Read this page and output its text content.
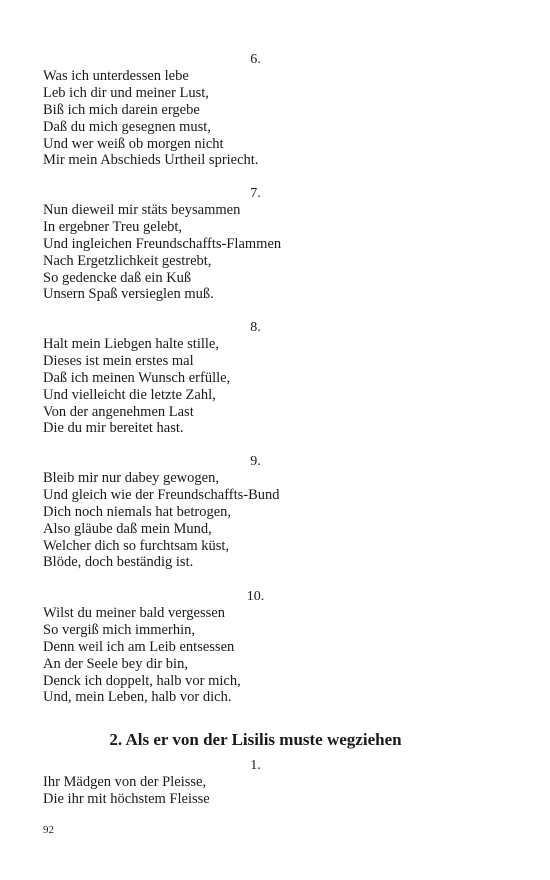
6.
Was ich unterdessen lebe
Leb ich dir und meiner Lust,
Biß ich mich darein ergebe
Daß du mich gesegnen must,
Und wer weiß ob morgen nicht
Mir mein Abschieds Urtheil spriecht.
7.
Nun dieweil mir stäts beysammen
In ergebner Treu gelebt,
Und ingleichen Freundschaffts-Flammen
Nach Ergetzlichkeit gestrebt,
So gedencke daß ein Kuß
Unsern Spaß versieglen muß.
8.
Halt mein Liebgen halte stille,
Dieses ist mein erstes mal
Daß ich meinen Wunsch erfülle,
Und vielleicht die letzte Zahl,
Von der angenehmen Last
Die du mir bereitet hast.
9.
Bleib mir nur dabey gewogen,
Und gleich wie der Freundschaffts-Bund
Dich noch niemals hat betrogen,
Also gläube daß mein Mund,
Welcher dich so furchtsam küst,
Blöde, doch beständig ist.
10.
Wilst du meiner bald vergessen
So vergiß mich immerhin,
Denn weil ich am Leib entsessen
An der Seele bey dir bin,
Denck ich doppelt, halb vor mich,
Und, mein Leben, halb vor dich.
2. Als er von der Lisilis muste wegziehen
1.
Ihr Mädgen von der Pleisse,
Die ihr mit höchstem Fleisse
92
